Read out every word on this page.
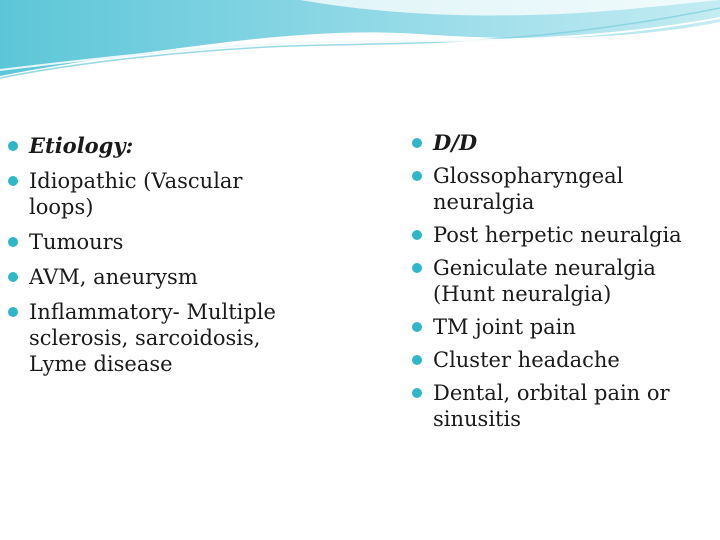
Etiology:
Idiopathic (Vascular loops)
Tumours
AVM, aneurysm
Inflammatory- Multiple sclerosis, sarcoidosis, Lyme disease
D/D
Glossopharyngeal neuralgia
Post herpetic neuralgia
Geniculate neuralgia (Hunt neuralgia)
TM joint pain
Cluster headache
Dental, orbital pain or sinusitis
